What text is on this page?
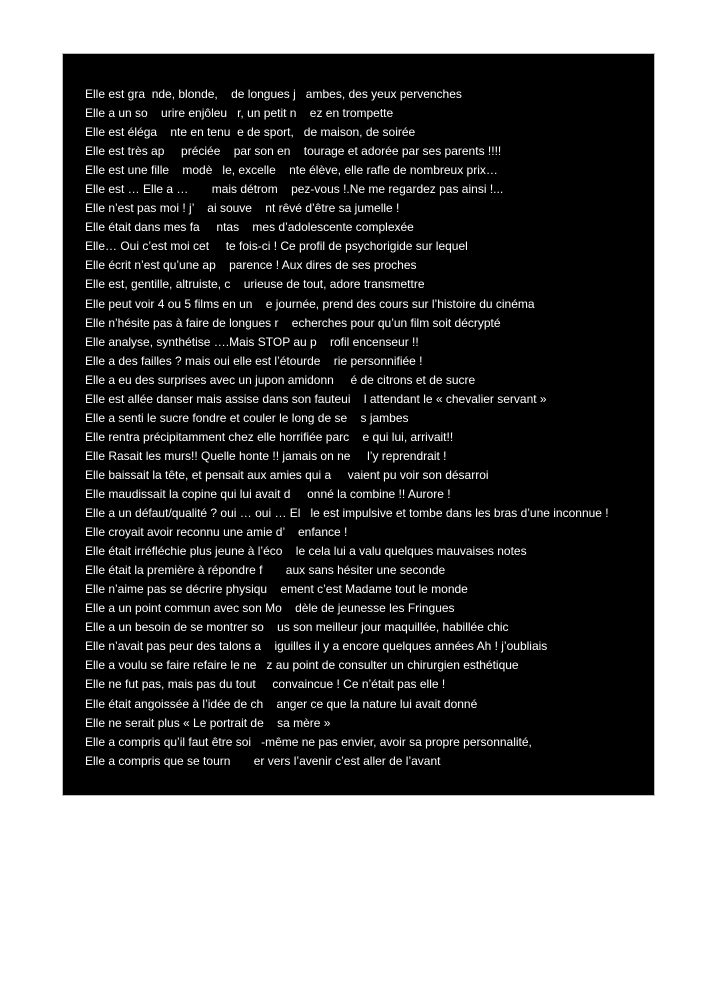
Elle est gra  nde, blonde,    de longues j   ambes, des yeux pervenches
Elle a un so    urire enjôleu   r, un petit n    ez en trompette
Elle est éléga    nte en tenu  e de sport,   de maison, de soirée
Elle est très ap     préciée    par son en    tourage et adorée par ses parents !!!!
Elle est une fille    modè   le, excelle    nte élève, elle rafle de nombreux prix…
Elle est … Elle a …       mais détrom    pez-vous !.Ne me regardez pas ainsi !...
Elle n’est pas moi ! j’    ai souve    nt rêvé d’être sa jumelle !
Elle était dans mes fa     ntas    mes d’adolescente complexée
Elle… Oui c’est moi cet     te fois-ci ! Ce profil de psychorigide sur lequel
Elle écrit n’est qu’une ap    parence ! Aux dires de ses proches
Elle est, gentille, altruiste, c    urieuse de tout, adore transmettre
Elle peut voir 4 ou 5 films en un    e journée, prend des cours sur l’histoire du cinéma
Elle n’hésite pas à faire de longues r    echerches pour qu’un film soit décrypté
Elle analyse, synthétise ….Mais STOP au p    rofil encenseur !!
Elle a des failles ? mais oui elle est l’étourde    rie personnifiée !
Elle a eu des surprises avec un jupon amidonn     é de citrons et de sucre
Elle est allée danser mais assise dans son fauteui    l attendant le « chevalier servant »
Elle a senti le sucre fondre et couler le long de se    s jambes
Elle rentra précipitamment chez elle horrifiée parc    e qui lui, arrivait!!
Elle Rasait les murs!! Quelle honte !! jamais on ne     l’y reprendrait !
Elle baissait la tête, et pensait aux amies qui a     vaient pu voir son désarroi
Elle maudissait la copine qui lui avait d     onné la combine !! Aurore !
Elle a un défaut/qualité ? oui … oui … El   le est impulsive et tombe dans les bras d’une inconnue !
Elle croyait avoir reconnu une amie d’    enfance !
Elle était irréfléchie plus jeune à l’éco    le cela lui a valu quelques mauvaises notes
Elle était la première à répondre f       aux sans hésiter une seconde
Elle n’aime pas se décrire physiqu    ement c’est Madame tout le monde
Elle a un point commun avec son Mo    dèle de jeunesse les Fringues
Elle a un besoin de se montrer so    us son meilleur jour maquillée, habillée chic
Elle n’avait pas peur des talons a    iguilles il y a encore quelques années Ah ! j’oubliais
Elle a voulu se faire refaire le ne   z au point de consulter un chirurgien esthétique
Elle ne fut pas, mais pas du tout     convaincue ! Ce n’était pas elle !
Elle était angoissée à l’idée de ch    anger ce que la nature lui avait donné
Elle ne serait plus « Le portrait de    sa mère »
Elle a compris qu’il faut être soi   -même ne pas envier, avoir sa propre personnalité,
Elle a compris que se tourn       er vers l’avenir c’est aller de l’avant
